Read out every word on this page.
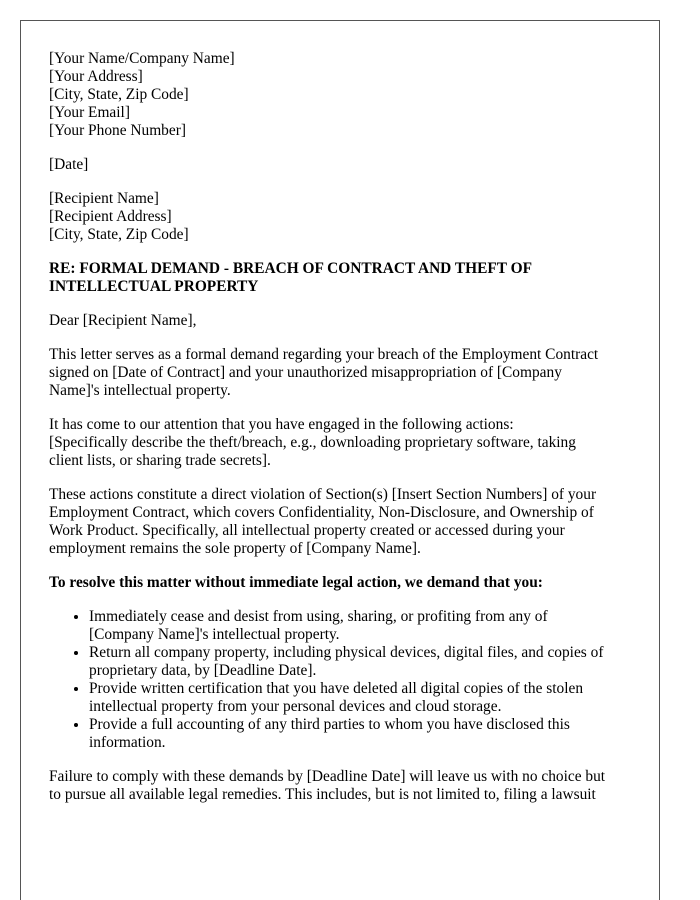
[Your Name/Company Name]
[Your Address]
[City, State, Zip Code]
[Your Email]
[Your Phone Number]
[Date]
[Recipient Name]
[Recipient Address]
[City, State, Zip Code]
RE: FORMAL DEMAND - BREACH OF CONTRACT AND THEFT OF
INTELLECTUAL PROPERTY

Dear [Recipient Name],

This letter serves as a formal demand regarding your breach of the Employment Contract
signed on [Date of Contract] and your unauthorized misappropriation of [Company
Name]'s intellectual property.

It has come to our attention that you have engaged in the following actions:
[Specifically describe the theft/breach, e.g., downloading proprietary software, taking
client lists, or sharing trade secrets].

These actions constitute a direct violation of Section(s) [Insert Section Numbers] of your
Employment Contract, which covers Confidentiality, Non-Disclosure, and Ownership of
Work Product. Specifically, all intellectual property created or accessed during your
employment remains the sole property of [Company Name].

To resolve this matter without immediate legal action, we demand that you:
• Immediately cease and desist from using, sharing, or profiting from any of
[Company Name]'s intellectual property.
• Return all company property, including physical devices, digital files, and copies of
proprietary data, by [Deadline Date].
• Provide written certification that you have deleted all digital copies of the stolen
intellectual property from your personal devices and cloud storage.
• Provide a full accounting of any third parties to whom you have disclosed this
information.

Failure to comply with these demands by [Deadline Date] will leave us with no choice but
to pursue all available legal remedies. This includes, but is not limited to, filing a lawsuit
